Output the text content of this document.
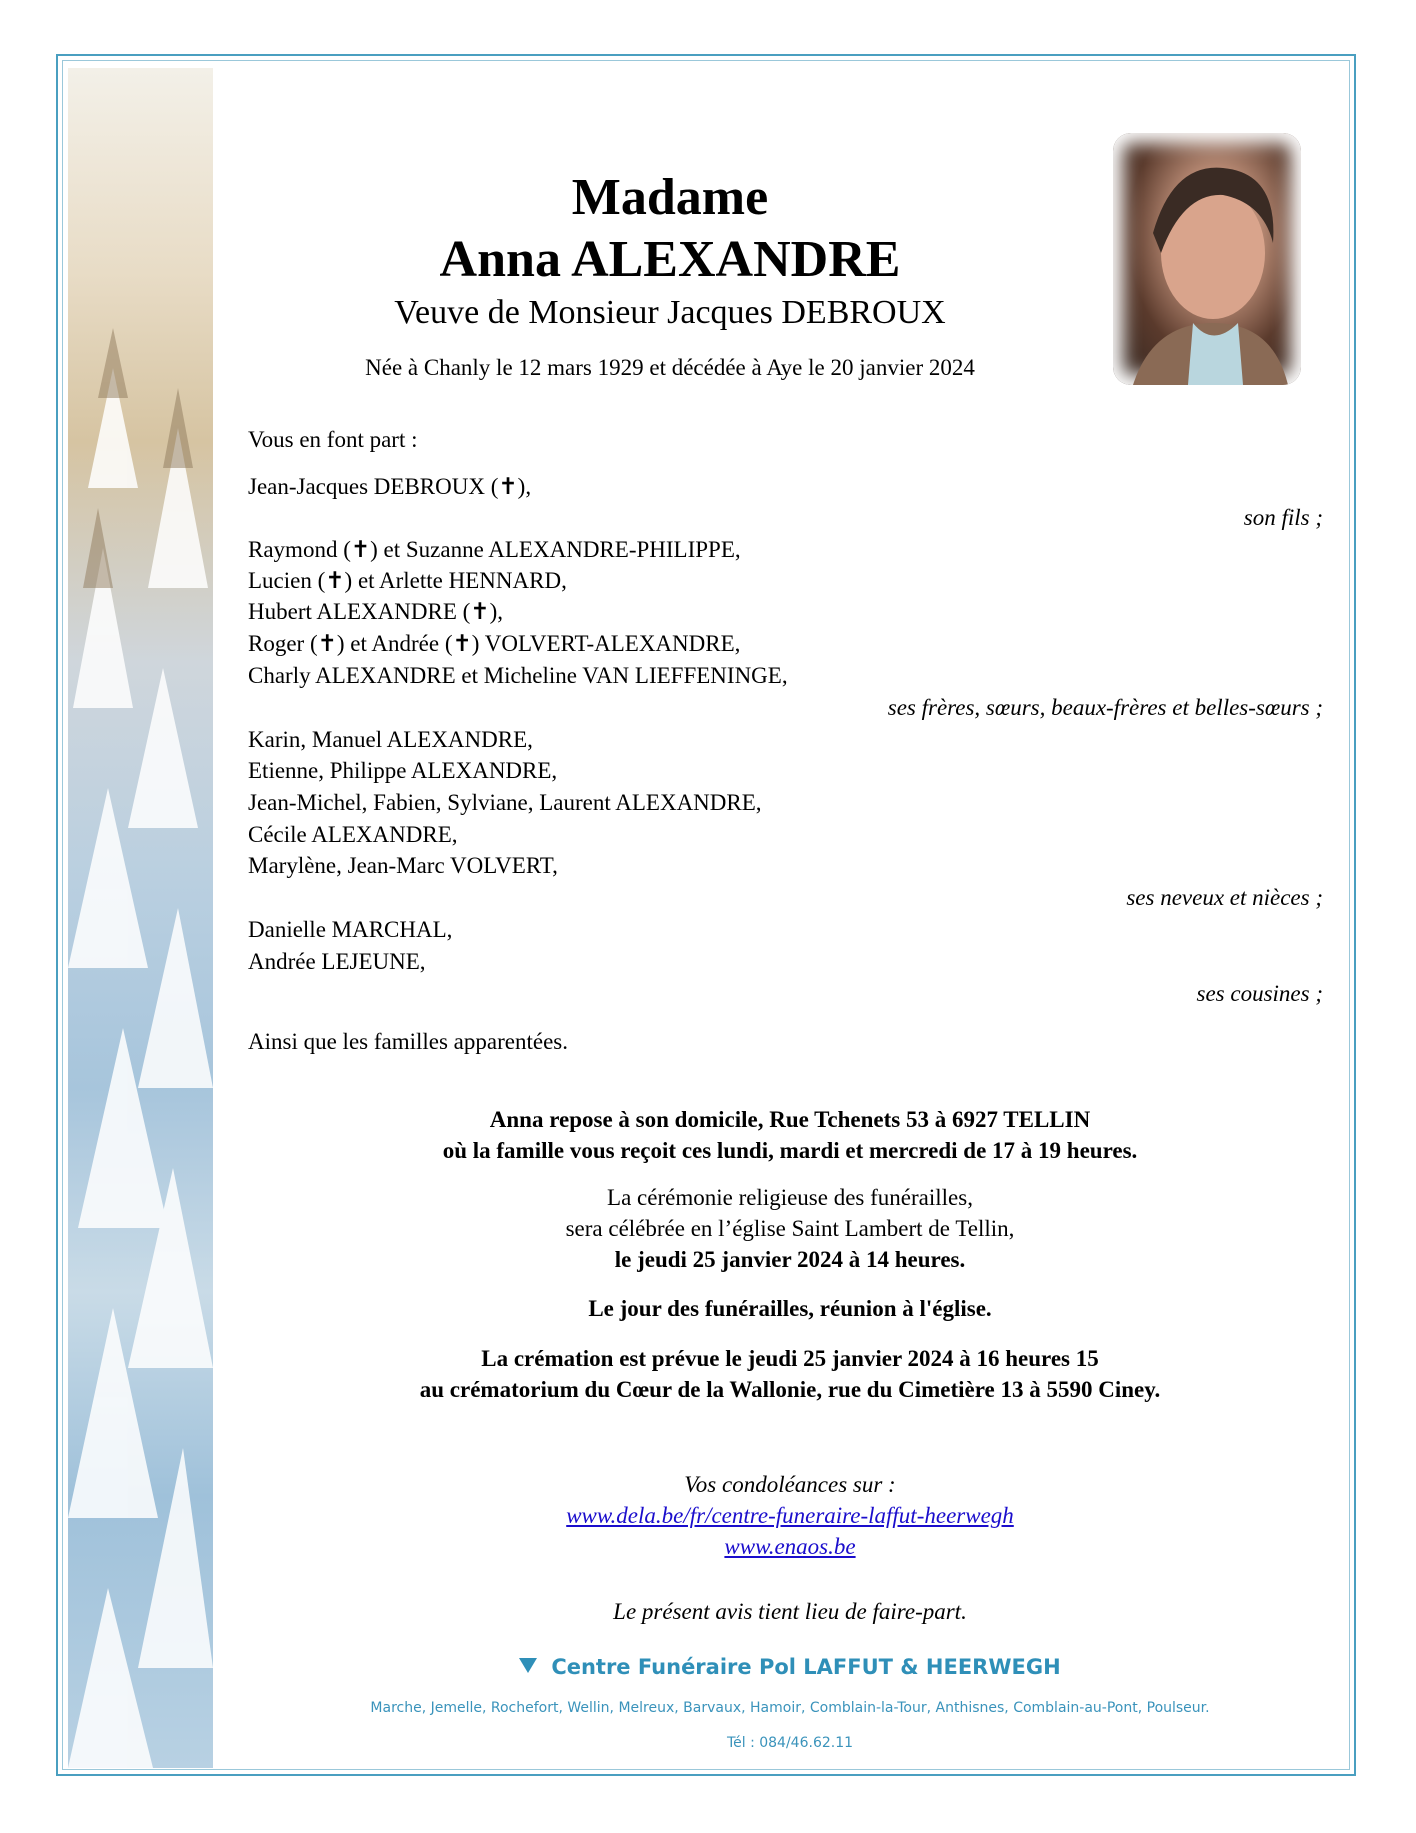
Madame
Anna ALEXANDRE
Veuve de Monsieur Jacques DEBROUX
Née à Chanly le 12 mars 1929 et décédée à Aye le 20 janvier 2024
Vous en font part :
Jean-Jacques DEBROUX (✝),
son fils ;
Raymond (✝) et Suzanne ALEXANDRE-PHILIPPE,
Lucien (✝) et Arlette HENNARD,
Hubert ALEXANDRE (✝),
Roger (✝) et Andrée (✝) VOLVERT-ALEXANDRE,
Charly ALEXANDRE et Micheline VAN LIEFFENINGE,
ses frères, sœurs, beaux-frères et belles-sœurs ;
Karin, Manuel ALEXANDRE,
Etienne, Philippe ALEXANDRE,
Jean-Michel, Fabien, Sylviane, Laurent ALEXANDRE,
Cécile ALEXANDRE,
Marylène, Jean-Marc VOLVERT,
ses neveux et nièces ;
Danielle MARCHAL,
Andrée LEJEUNE,
ses cousines ;
Ainsi que les familles apparentées.
Anna repose à son domicile, Rue Tchenets 53 à 6927 TELLIN
où la famille vous reçoit ces lundi, mardi et mercredi de 17 à 19 heures.
La cérémonie religieuse des funérailles,
sera célébrée en l’église Saint Lambert de Tellin,
le jeudi 25 janvier 2024 à 14 heures.
Le jour des funérailles, réunion à l'église.
La crémation est prévue le jeudi 25 janvier 2024 à 16 heures 15
au crématorium du Cœur de la Wallonie, rue du Cimetière 13 à 5590 Ciney.
Vos condoléances sur :
www.dela.be/fr/centre-funeraire-laffut-heerwegh
www.enaos.be
Le présent avis tient lieu de faire-part.
Centre Funéraire Pol LAFFUT & HEERWEGH
Marche, Jemelle, Rochefort, Wellin, Melreux, Barvaux, Hamoir, Comblain-la-Tour, Anthisnes, Comblain-au-Pont, Poulseur.
Tél : 084/46.62.11
